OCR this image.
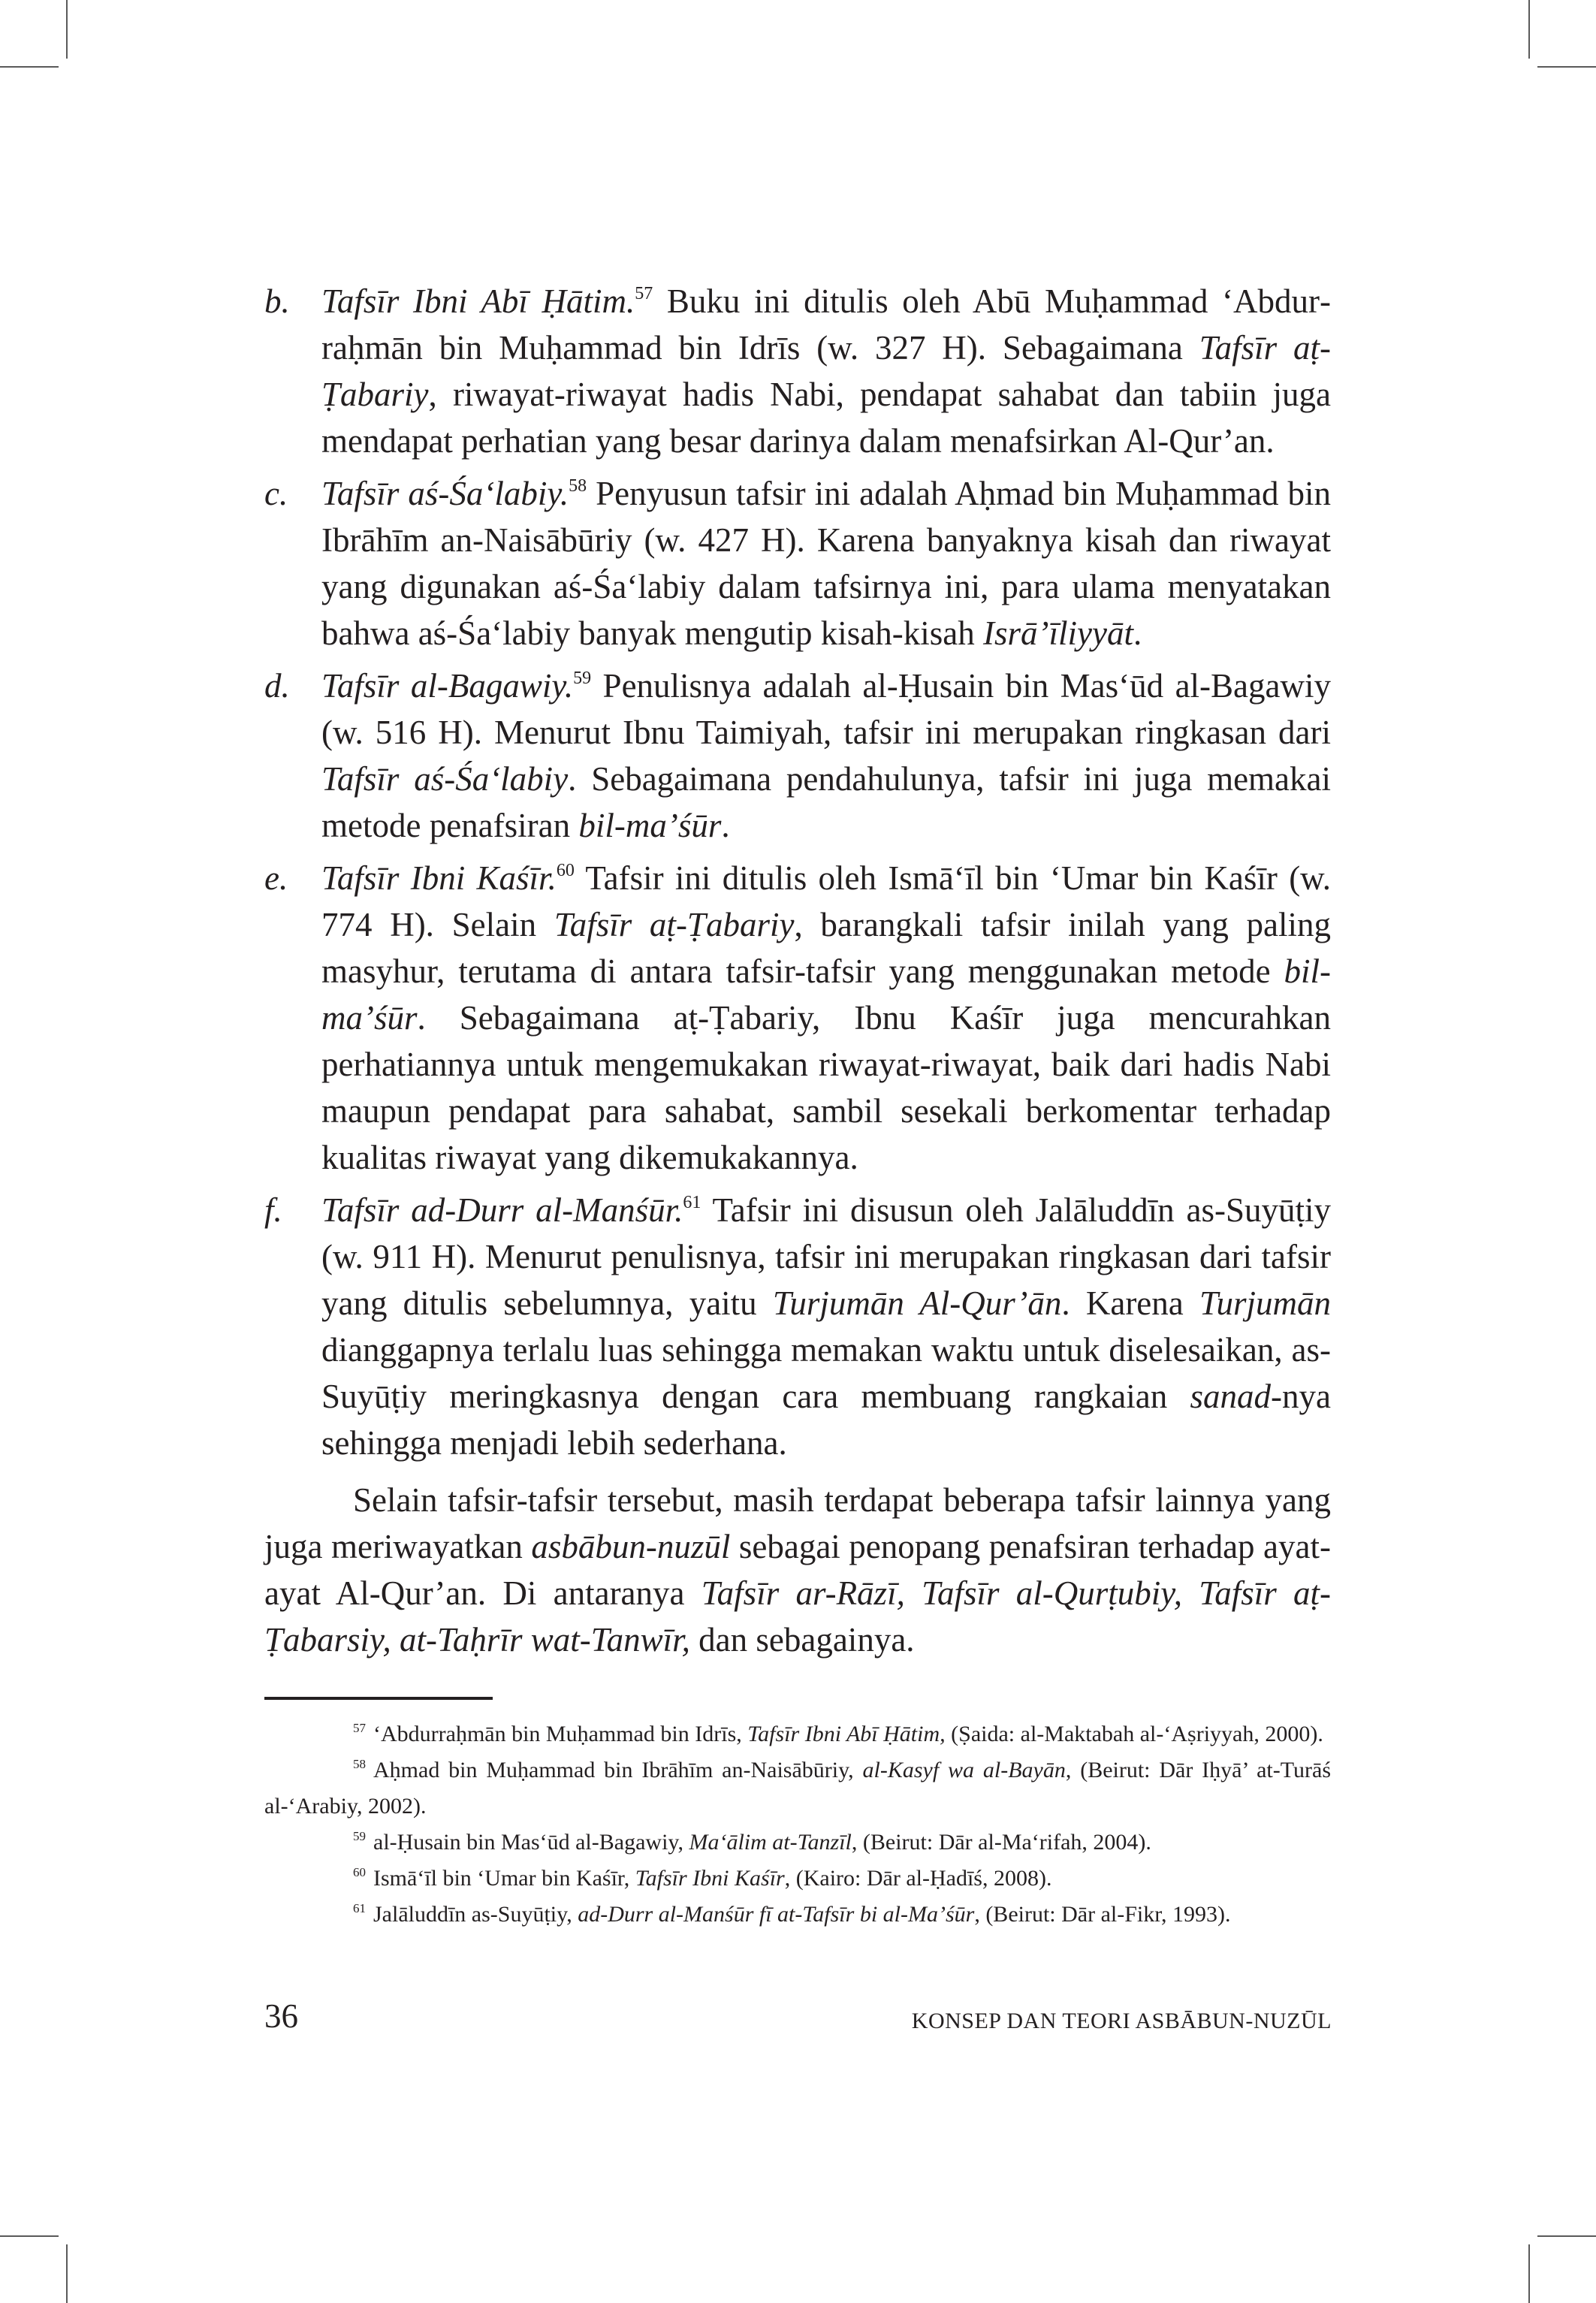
b. Tafsīr Ibni Abī Ḥātim.$^{57}$ Buku ini ditulis oleh Abū Muḥammad ‘Abdurraḥmān bin Muḥammad bin Idrīs (w. 327 H). Sebagaimana Tafsīr aṭ-Ṭabariy, riwayat-riwayat hadis Nabi, pendapat sahabat dan tabiin juga mendapat perhatian yang besar darinya dalam menafsirkan Al-Qur’an.
c. Tafsīr aś-Śa‘labiy.$^{58}$ Penyusun tafsir ini adalah Aḥmad bin Muḥammad bin Ibrāhīm an-Naisābūriy (w. 427 H). Karena banyaknya kisah dan riwayat yang digunakan aś-Śa‘labiy dalam tafsirnya ini, para ulama menyatakan bahwa aś-Śa‘labiy banyak mengutip kisah-kisah Isrā’īliyyāt.
d. Tafsīr al-Bagawiy.$^{59}$ Penulisnya adalah al-Ḥusain bin Mas‘ūd al-Bagawiy (w. 516 H). Menurut Ibnu Taimiyah, tafsir ini merupakan ringkasan dari Tafsīr aś-Śa‘labiy. Sebagaimana pendahulunya, tafsir ini juga memakai metode penafsiran bil-ma’śūr.
e. Tafsīr Ibni Kaśīr.$^{60}$ Tafsir ini ditulis oleh Ismā‘īl bin ‘Umar bin Kaśīr (w. 774 H). Selain Tafsīr aṭ-Ṭabariy, barangkali tafsir inilah yang paling masyhur, terutama di antara tafsir-tafsir yang menggunakan metode bil-ma’śūr. Sebagaimana aṭ-Ṭabariy, Ibnu Kaśīr juga mencurahkan perhatiannya untuk mengemukakan riwayat-riwayat, baik dari hadis Nabi maupun pendapat para sahabat, sambil sesekali berkomentar terhadap kualitas riwayat yang dikemukakannya.
f. Tafsīr ad-Durr al-Manśūr.$^{61}$ Tafsir ini disusun oleh Jalāluddīn as-Suyūṭiy (w. 911 H). Menurut penulisnya, tafsir ini merupakan ringkasan dari tafsir yang ditulis sebelumnya, yaitu Turjumān Al-Qur’ān. Karena Turjumān dianggapnya terlalu luas sehingga memakan waktu untuk diselesaikan, as-Suyūṭiy meringkasnya dengan cara membuang rangkaian sanad-nya sehingga menjadi lebih sederhana.

Selain tafsir-tafsir tersebut, masih terdapat beberapa tafsir lainnya yang juga meriwayatkan asbābun-nuzūl sebagai penopang penafsiran terhadap ayat-ayat Al-Qur’an. Di antaranya Tafsīr ar-Rāzī, Tafsīr al-Qurṭubiy, Tafsīr aṭ-Ṭabarsiy, at-Taḥrīr wat-Tanwīr, dan sebagainya.

$^{57}$ ‘Abdurraḥmān bin Muḥammad bin Idrīs, Tafsīr Ibni Abī Ḥātim, (Ṣaida: al-Maktabah al-‘Aṣriyyah, 2000).
$^{58}$ Aḥmad bin Muḥammad bin Ibrāhīm an-Naisābūriy, al-Kasyf wa al-Bayān, (Beirut: Dār Iḥyā’ at-Turāś al-‘Arabiy, 2002).
$^{59}$ al-Ḥusain bin Mas‘ūd al-Bagawiy, Ma‘ālim at-Tanzīl, (Beirut: Dār al-Ma‘rifah, 2004).
$^{60}$ Ismā‘īl bin ‘Umar bin Kaśīr, Tafsīr Ibni Kaśīr, (Kairo: Dār al-Ḥadīś, 2008).
$^{61}$ Jalāluddīn as-Suyūṭiy, ad-Durr al-Manśūr fī at-Tafsīr bi al-Ma’śūr, (Beirut: Dār al-Fikr, 1993).
36	KONSEP DAN TEORI ASBĀBUN-NUZŪL
